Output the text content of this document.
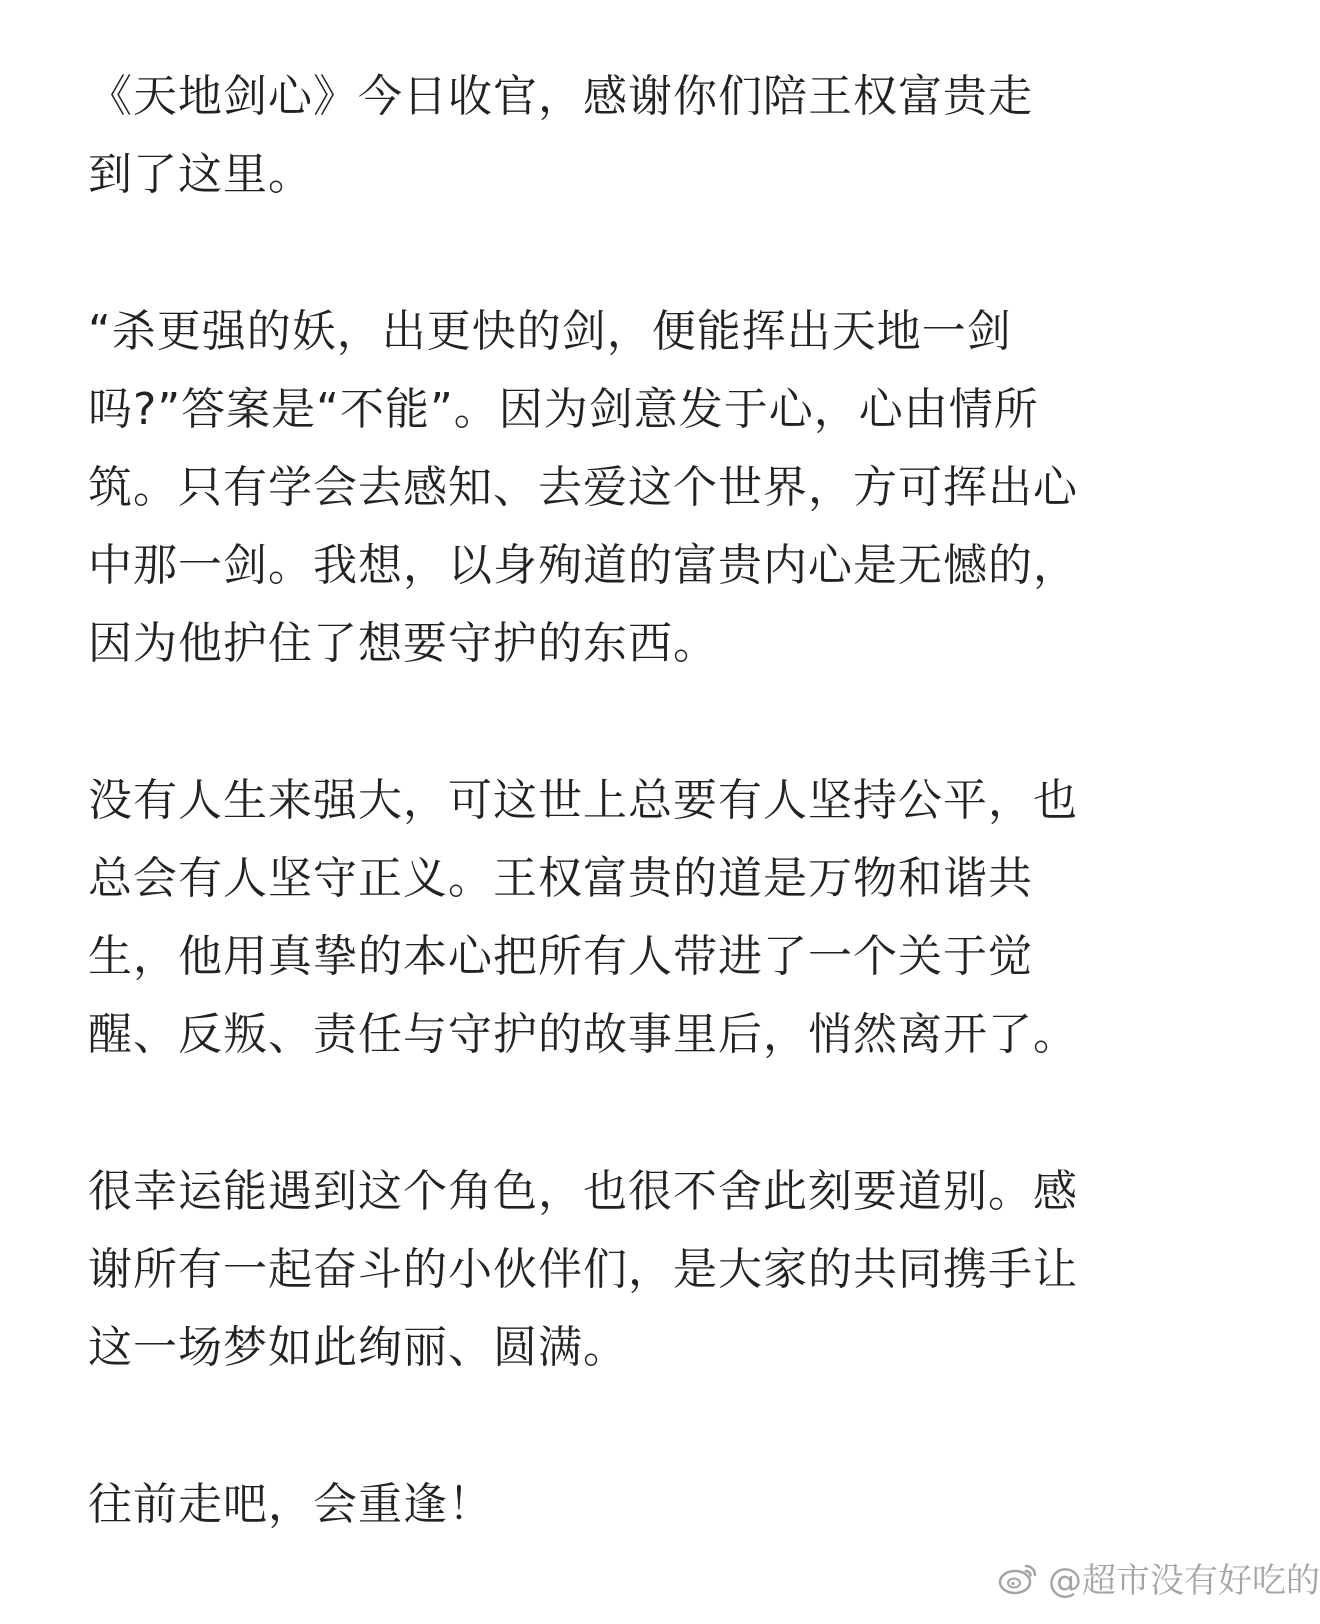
《天地剑心》今日收官，感谢你们陪王权富贵走
到了这里。

“杀更强的妖，出更快的剑，便能挥出天地一剑
吗?”答案是“不能”。因为剑意发于心，心由情所
筑。只有学会去感知、去爱这个世界，方可挥出心
中那一剑。我想，以身殉道的富贵内心是无憾的，
因为他护住了想要守护的东西。

没有人生来强大，可这世上总要有人坚持公平，也
总会有人坚守正义。王权富贵的道是万物和谐共
生，他用真挚的本心把所有人带进了一个关于觉
醒、反叛、责任与守护的故事里后，悄然离开了。

很幸运能遇到这个角色，也很不舍此刻要道别。感
谢所有一起奋斗的小伙伴们，是大家的共同携手让
这一场梦如此绚丽、圆满。

往前走吧，会重逢！

@超市没有好吃的
